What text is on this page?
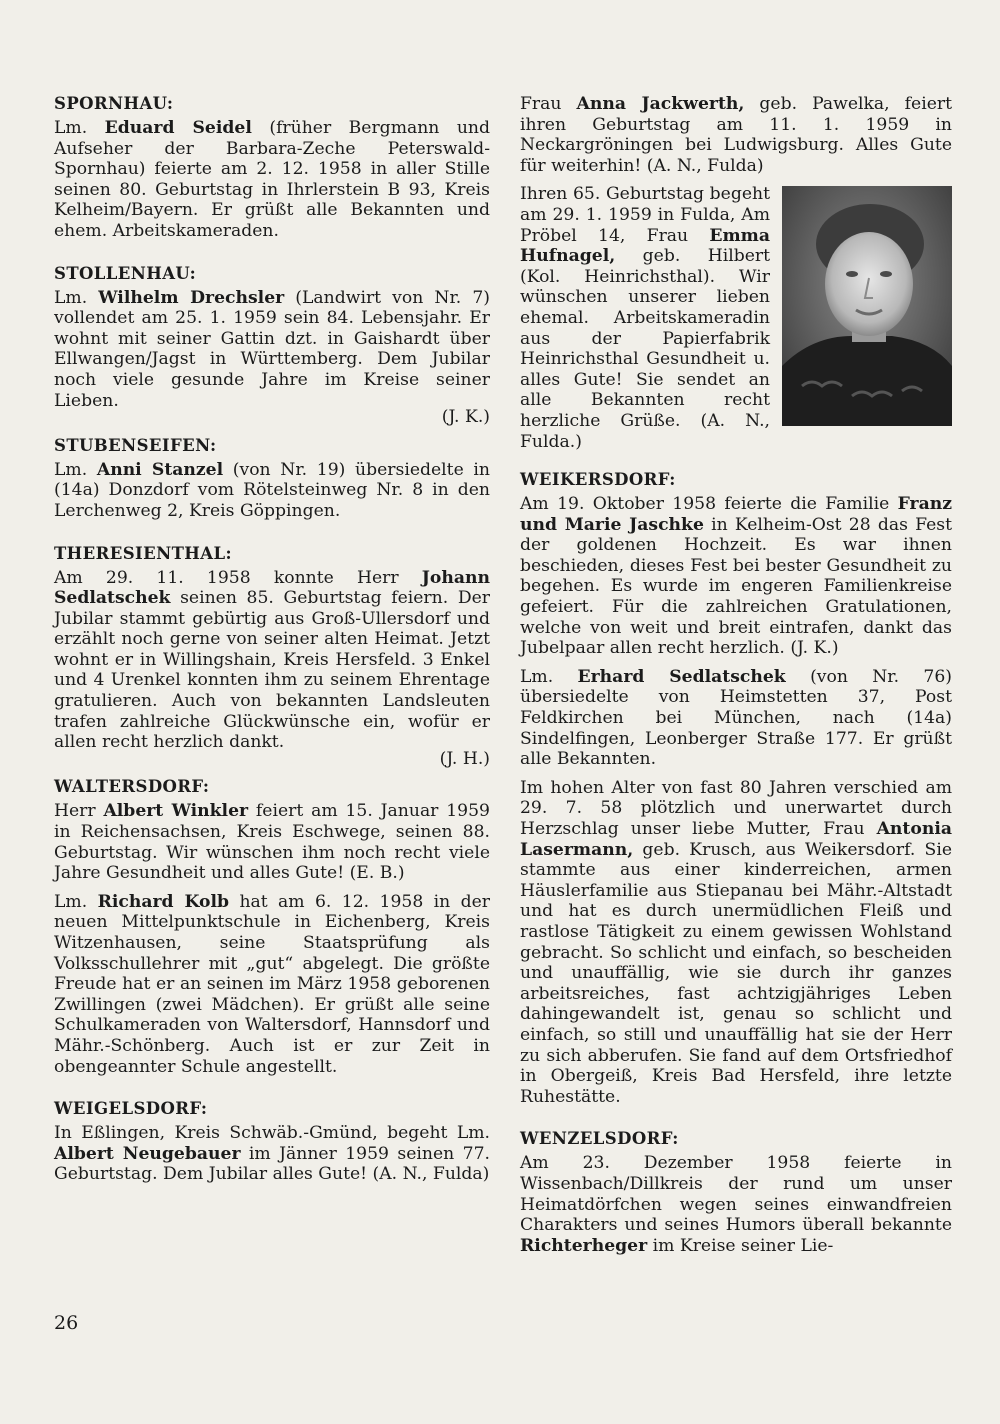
SPORNHAU:

Lm. Eduard Seidel (früher Bergmann und Aufseher der Barbara-Zeche Peterswald-Spornhau) feierte am 2. 12. 1958 in aller Stille seinen 80. Geburtstag in Ihrlerstein B 93, Kreis Kelheim/Bayern. Er grüßt alle Bekannten und ehem. Arbeitskameraden.

STOLLENHAU:

Lm. Wilhelm Drechsler (Landwirt von Nr. 7) vollendet am 25. 1. 1959 sein 84. Lebensjahr. Er wohnt mit seiner Gattin dzt. in Gaishardt über Ellwangen/Jagst in Württemberg. Dem Jubilar noch viele gesunde Jahre im Kreise seiner Lieben.
(J. K.)

STUBENSEIFEN:

Lm. Anni Stanzel (von Nr. 19) übersiedelte in (14a) Donzdorf vom Rötelsteinweg Nr. 8 in den Lerchenweg 2, Kreis Göppingen.

THERESIENTHAL:

Am 29. 11. 1958 konnte Herr Johann Sedlatschek seinen 85. Geburtstag feiern. Der Jubilar stammt gebürtig aus Groß-Ullersdorf und erzählt noch gerne von seiner alten Heimat. Jetzt wohnt er in Willingshain, Kreis Hersfeld. 3 Enkel und 4 Urenkel konnten ihm zu seinem Ehrentage gratulieren. Auch von bekannten Landsleuten trafen zahlreiche Glückwünsche ein, wofür er allen recht herzlich dankt.
(J. H.)

WALTERSDORF:

Herr Albert Winkler feiert am 15. Januar 1959 in Reichensachsen, Kreis Eschwege, seinen 88. Geburtstag. Wir wünschen ihm noch recht viele Jahre Gesundheit und alles Gute! (E. B.)

Lm. Richard Kolb hat am 6. 12. 1958 in der neuen Mittelpunktschule in Eichenberg, Kreis Witzenhausen, seine Staatsprüfung als Volksschullehrer mit „gut“ abgelegt. Die größte Freude hat er an seinen im März 1958 geborenen Zwillingen (zwei Mädchen). Er grüßt alle seine Schulkameraden von Waltersdorf, Hannsdorf und Mähr.-Schönberg. Auch ist er zur Zeit in obengeannter Schule angestellt.

WEIGELSDORF:

In Eßlingen, Kreis Schwäb.-Gmünd, begeht Lm. Albert Neugebauer im Jänner 1959 seinen 77. Geburtstag. Dem Jubilar alles Gute! (A. N., Fulda)

Frau Anna Jackwerth, geb. Pawelka, feiert ihren Geburtstag am 11. 1. 1959 in Neckargröningen bei Ludwigsburg. Alles Gute für weiterhin! (A. N., Fulda)

Ihren 65. Geburtstag begeht am 29. 1. 1959 in Fulda, Am Pröbel 14, Frau Emma Hufnagel, geb. Hilbert (Kol. Heinrichsthal). Wir wünschen unserer lieben ehemal. Arbeitskameradin aus der Papierfabrik Heinrichsthal Gesundheit u. alles Gute! Sie sendet an alle Bekannten recht herzliche Grüße. (A. N., Fulda.)

WEIKERSDORF:

Am 19. Oktober 1958 feierte die Familie Franz und Marie Jaschke in Kelheim-Ost 28 das Fest der goldenen Hochzeit. Es war ihnen beschieden, dieses Fest bei bester Gesundheit zu begehen. Es wurde im engeren Familienkreise gefeiert. Für die zahlreichen Gratulationen, welche von weit und breit eintrafen, dankt das Jubelpaar allen recht herzlich. (J. K.)

Lm. Erhard Sedlatschek (von Nr. 76) übersiedelte von Heimstetten 37, Post Feldkirchen bei München, nach (14a) Sindelfingen, Leonberger Straße 177. Er grüßt alle Bekannten.

Im hohen Alter von fast 80 Jahren verschied am 29. 7. 58 plötzlich und unerwartet durch Herzschlag unser liebe Mutter, Frau Antonia Lasermann, geb. Krusch, aus Weikersdorf. Sie stammte aus einer kinderreichen, armen Häuslerfamilie aus Stiepanau bei Mähr.-Altstadt und hat es durch unermüdlichen Fleiß und rastlose Tätigkeit zu einem gewissen Wohlstand gebracht. So schlicht und einfach, so bescheiden und unauffällig, wie sie durch ihr ganzes arbeitsreiches, fast achtzigjähriges Leben dahingewandelt ist, genau so schlicht und einfach, so still und unauffällig hat sie der Herr zu sich abberufen. Sie fand auf dem Ortsfriedhof in Obergeiß, Kreis Bad Hersfeld, ihre letzte Ruhestätte.

WENZELSDORF:

Am 23. Dezember 1958 feierte in Wissenbach/Dillkreis der rund um unser Heimatdörfchen wegen seines einwandfreien Charakters und seines Humors überall bekannte Richterheger im Kreise seiner Lie-

26
